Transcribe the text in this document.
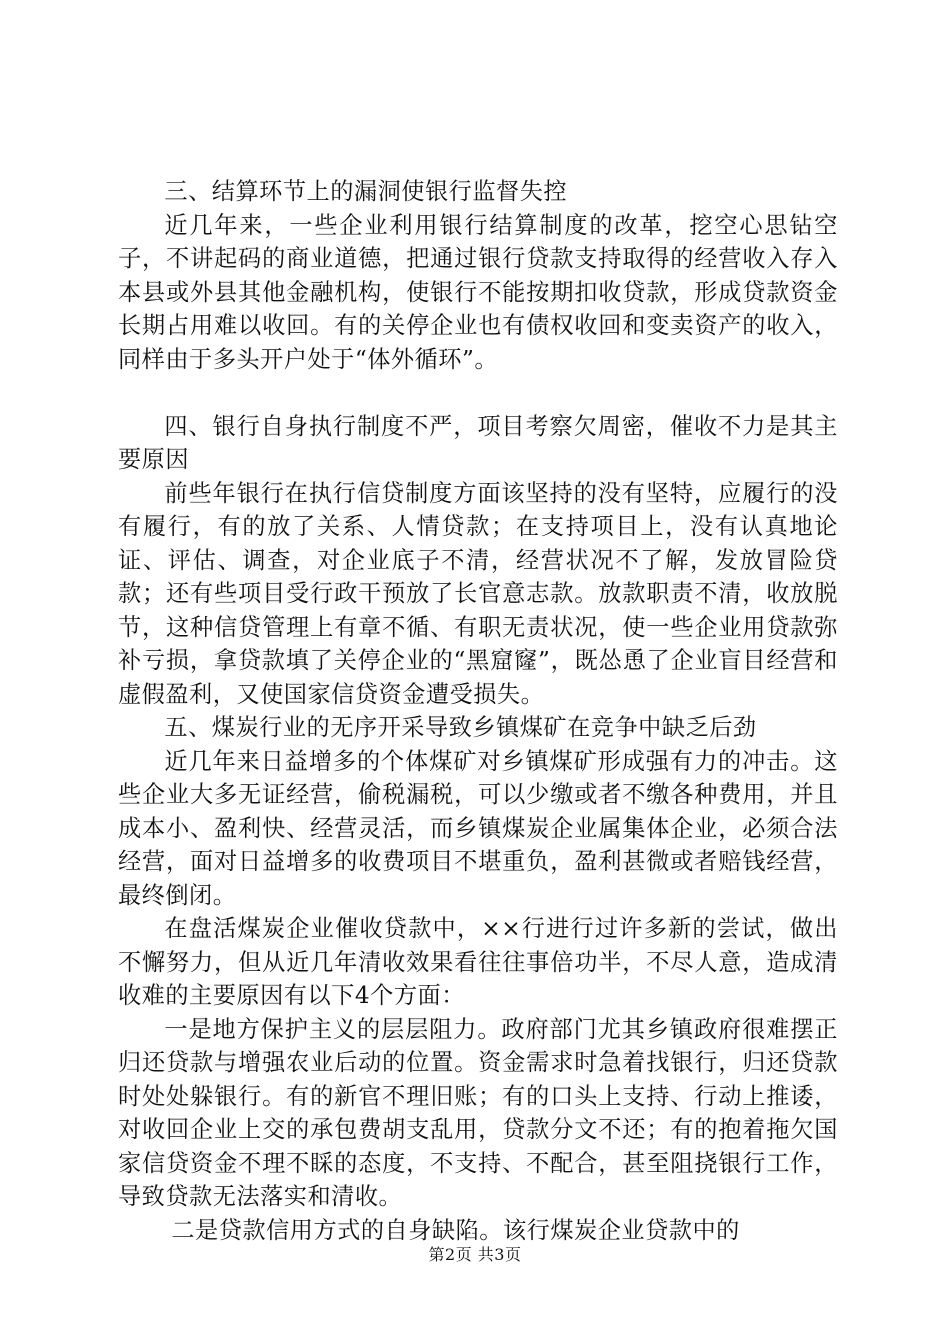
三、结算环节上的漏洞使银行监督失控

近几年来，一些企业利用银行结算制度的改革，挖空心思钻空子，不讲起码的商业道德，把通过银行贷款支持取得的经营收入存入本县或外县其他金融机构，使银行不能按期扣收贷款，形成贷款资金长期占用难以收回。有的关停企业也有债权收回和变卖资产的收入，同样由于多头开户处于“体外循环”。

四、银行自身执行制度不严，项目考察欠周密，催收不力是其主要原因

前些年银行在执行信贷制度方面该坚持的没有坚特，应履行的没有履行，有的放了关系、人情贷款；在支持项目上，没有认真地论证、评估、调查，对企业底子不清，经营状况不了解，发放冒险贷款；还有些项目受行政干预放了长官意志款。放款职责不清，收放脱节，这种信贷管理上有章不循、有职无责状况，使一些企业用贷款弥补亏损，拿贷款填了关停企业的“黑窟窿”，既怂恿了企业盲目经营和虚假盈利，又使国家信贷资金遭受损失。

五、煤炭行业的无序开采导致乡镇煤矿在竞争中缺乏后劲

近几年来日益增多的个体煤矿对乡镇煤矿形成强有力的冲击。这些企业大多无证经营，偷税漏税，可以少缴或者不缴各种费用，并且成本小、盈利快、经营灵活，而乡镇煤炭企业属集体企业，必须合法经营，面对日益增多的收费项目不堪重负，盈利甚微或者赔钱经营，最终倒闭。

在盘活煤炭企业催收贷款中，××行进行过许多新的尝试，做出不懈努力，但从近几年清收效果看往往事倍功半，不尽人意，造成清收难的主要原因有以下4个方面：

一是地方保护主义的层层阻力。政府部门尤其乡镇政府很难摆正归还贷款与增强农业后动的位置。资金需求时急着找银行，归还贷款时处处躲银行。有的新官不理旧账；有的口头上支持、行动上推诿，对收回企业上交的承包费胡支乱用，贷款分文不还；有的抱着拖欠国家信贷资金不理不睬的态度，不支持、不配合，甚至阻挠银行工作，导致贷款无法落实和清收。

二是贷款信用方式的自身缺陷。该行煤炭企业贷款中的

第2页 共3页
